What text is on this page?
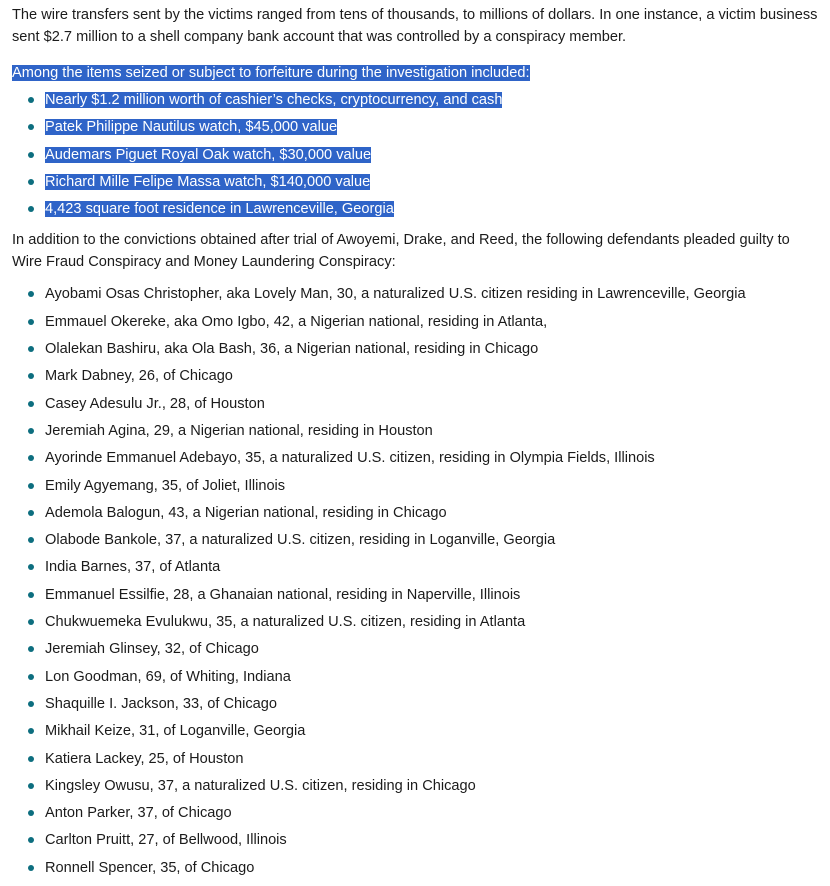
The wire transfers sent by the victims ranged from tens of thousands, to millions of dollars. In one instance, a victim business sent $2.7 million to a shell company bank account that was controlled by a conspiracy member.

Among the items seized or subject to forfeiture during the investigation included:

Nearly $1.2 million worth of cashier’s checks, cryptocurrency, and cash
Patek Philippe Nautilus watch, $45,000 value
Audemars Piguet Royal Oak watch, $30,000 value
Richard Mille Felipe Massa watch, $140,000 value
4,423 square foot residence in Lawrenceville, Georgia

In addition to the convictions obtained after trial of Awoyemi, Drake, and Reed, the following defendants pleaded guilty to Wire Fraud Conspiracy and Money Laundering Conspiracy:

Ayobami Osas Christopher, aka Lovely Man, 30, a naturalized U.S. citizen residing in Lawrenceville, Georgia
Emmauel Okereke, aka Omo Igbo, 42, a Nigerian national, residing in Atlanta,
Olalekan Bashiru, aka Ola Bash, 36, a Nigerian national, residing in Chicago
Mark Dabney, 26, of Chicago
Casey Adesulu Jr., 28, of Houston
Jeremiah Agina, 29, a Nigerian national, residing in Houston
Ayorinde Emmanuel Adebayo, 35, a naturalized U.S. citizen, residing in Olympia Fields, Illinois
Emily Agyemang, 35, of Joliet, Illinois
Ademola Balogun, 43, a Nigerian national, residing in Chicago
Olabode Bankole, 37, a naturalized U.S. citizen, residing in Loganville, Georgia
India Barnes, 37, of Atlanta
Emmanuel Essilfie, 28, a Ghanaian national, residing in Naperville, Illinois
Chukwuemeka Evulukwu, 35, a naturalized U.S. citizen, residing in Atlanta
Jeremiah Glinsey, 32, of Chicago
Lon Goodman, 69, of Whiting, Indiana
Shaquille I. Jackson, 33, of Chicago
Mikhail Keize, 31, of Loganville, Georgia
Katiera Lackey, 25, of Houston
Kingsley Owusu, 37, a naturalized U.S. citizen, residing in Chicago
Anton Parker, 37, of Chicago
Carlton Pruitt, 27, of Bellwood, Illinois
Ronnell Spencer, 35, of Chicago
